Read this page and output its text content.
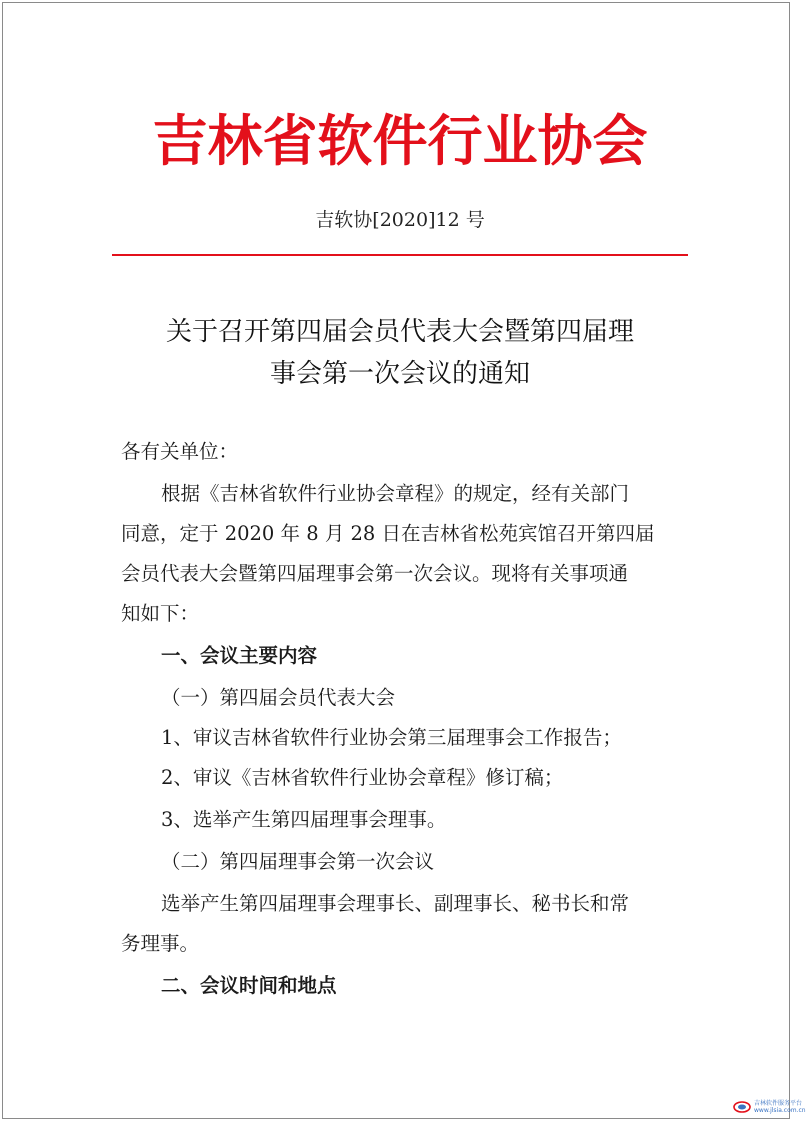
吉林省软件行业协会
吉软协[2020]12 号
关于召开第四届会员代表大会暨第四届理
事会第一次会议的通知
各有关单位：
根据《吉林省软件行业协会章程》的规定，经有关部门
同意，定于 2020 年 8 月 28 日在吉林省松苑宾馆召开第四届
会员代表大会暨第四届理事会第一次会议。现将有关事项通
知如下：
一、会议主要内容
（一）第四届会员代表大会
1、审议吉林省软件行业协会第三届理事会工作报告；
2、审议《吉林省软件行业协会章程》修订稿；
3、选举产生第四届理事会理事。
（二）第四届理事会第一次会议
选举产生第四届理事会理事长、副理事长、秘书长和常
务理事。
二、会议时间和地点
吉林软件服务平台
www.jlsia.com.cn
